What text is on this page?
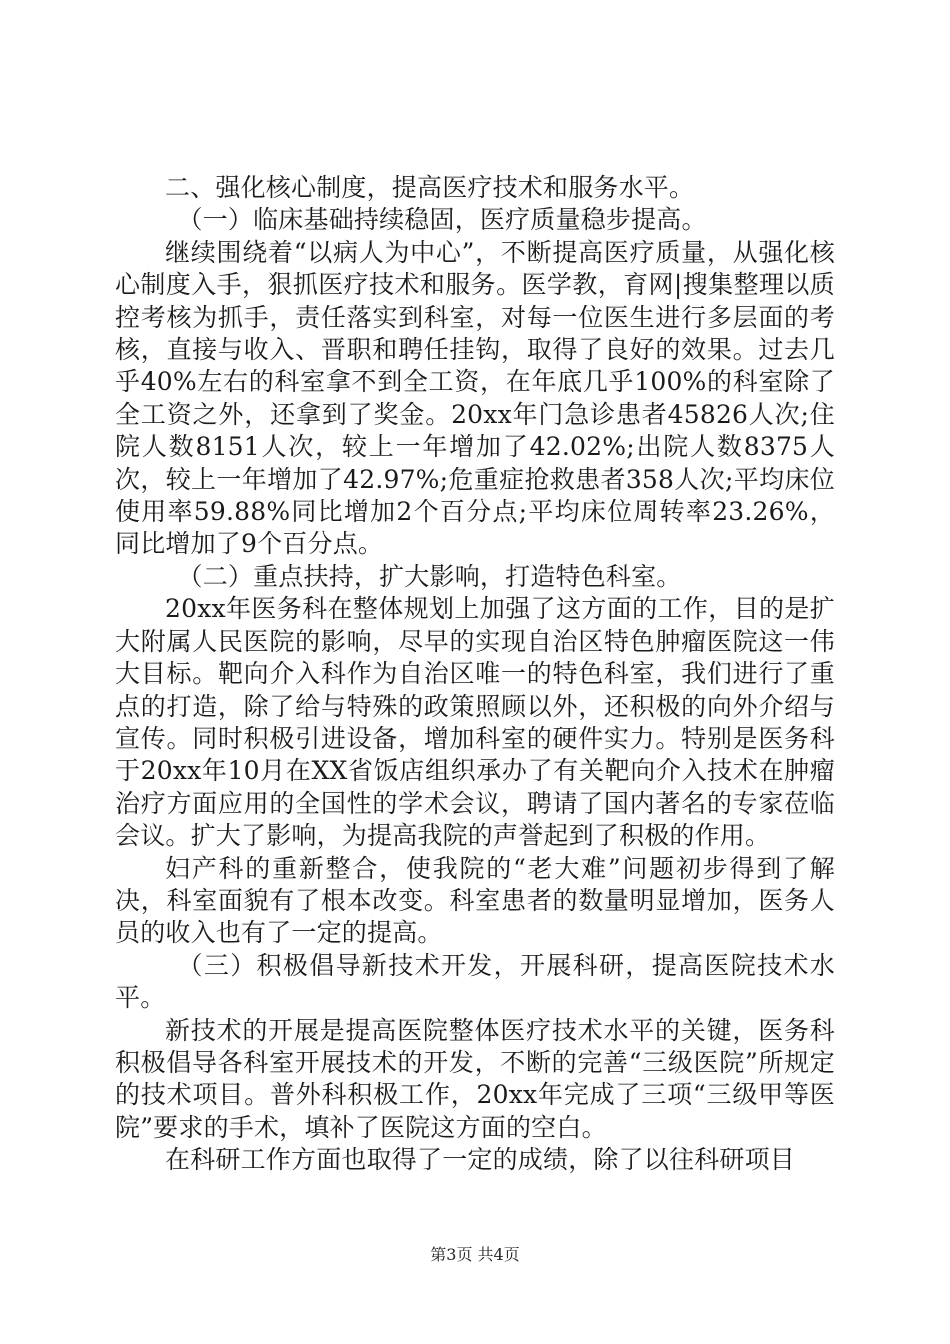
二、强化核心制度，提高医疗技术和服务水平。

（一）临床基础持续稳固，医疗质量稳步提高。

继续围绕着“以病人为中心”，不断提高医疗质量，从强化核心制度入手，狠抓医疗技术和服务。医学教，育网|搜集整理以质控考核为抓手，责任落实到科室，对每一位医生进行多层面的考核，直接与收入、晋职和聘任挂钩，取得了良好的效果。过去几乎40%左右的科室拿不到全工资，在年底几乎100%的科室除了全工资之外，还拿到了奖金。20xx年门急诊患者45826人次;住院人数8151人次，较上一年增加了42.02%;出院人数8375人次，较上一年增加了42.97%;危重症抢救患者358人次;平均床位使用率59.88%同比增加2个百分点;平均床位周转率23.26%，同比增加了9个百分点。

（二）重点扶持，扩大影响，打造特色科室。

20xx年医务科在整体规划上加强了这方面的工作，目的是扩大附属人民医院的影响，尽早的实现自治区特色肿瘤医院这一伟大目标。靶向介入科作为自治区唯一的特色科室，我们进行了重点的打造，除了给与特殊的政策照顾以外，还积极的向外介绍与宣传。同时积极引进设备，增加科室的硬件实力。特别是医务科于20xx年10月在XX省饭店组织承办了有关靶向介入技术在肿瘤治疗方面应用的全国性的学术会议，聘请了国内著名的专家莅临会议。扩大了影响，为提高我院的声誉起到了积极的作用。

妇产科的重新整合，使我院的“老大难”问题初步得到了解决，科室面貌有了根本改变。科室患者的数量明显增加，医务人员的收入也有了一定的提高。

（三）积极倡导新技术开发，开展科研，提高医院技术水平。

新技术的开展是提高医院整体医疗技术水平的关键，医务科积极倡导各科室开展技术的开发，不断的完善“三级医院”所规定的技术项目。普外科积极工作，20xx年完成了三项“三级甲等医院”要求的手术，填补了医院这方面的空白。

在科研工作方面也取得了一定的成绩，除了以往科研项目

第3页 共4页
